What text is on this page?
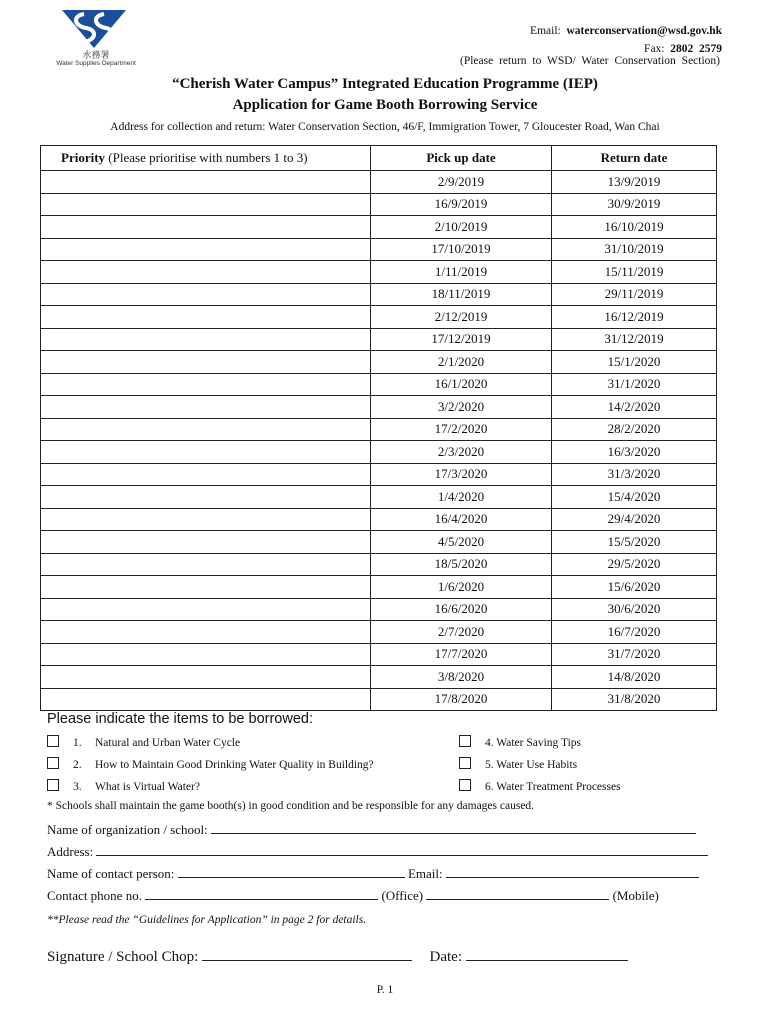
水務署
Water Supplies Department
Email: waterconservation@wsd.gov.hk
Fax: 2802  2579
(Please return to WSD/ Water Conservation Section)
“Cherish Water Campus” Integrated Education Programme (IEP)
Application for Game Booth Borrowing Service
Address for collection and return: Water Conservation Section, 46/F, Immigration Tower, 7 Gloucester Road, Wan Chai
Priority (Please prioritise with numbers 1 to 3)	Pick up date	Return date
	2/9/2019	13/9/2019
	16/9/2019	30/9/2019
	2/10/2019	16/10/2019
	17/10/2019	31/10/2019
	1/11/2019	15/11/2019
	18/11/2019	29/11/2019
	2/12/2019	16/12/2019
	17/12/2019	31/12/2019
	2/1/2020	15/1/2020
	16/1/2020	31/1/2020
	3/2/2020	14/2/2020
	17/2/2020	28/2/2020
	2/3/2020	16/3/2020
	17/3/2020	31/3/2020
	1/4/2020	15/4/2020
	16/4/2020	29/4/2020
	4/5/2020	15/5/2020
	18/5/2020	29/5/2020
	1/6/2020	15/6/2020
	16/6/2020	30/6/2020
	2/7/2020	16/7/2020
	17/7/2020	31/7/2020
	3/8/2020	14/8/2020
	17/8/2020	31/8/2020
Please indicate the items to be borrowed:
1. Natural and Urban Water Cycle
2. How to Maintain Good Drinking Water Quality in Building?
3. What is Virtual Water?
4. Water Saving Tips
5. Water Use Habits
6. Water Treatment Processes
* Schools shall maintain the game booth(s) in good condition and be responsible for any damages caused.
Name of organization / school:
Address:
Name of contact person:	Email:
Contact phone no.	(Office)	(Mobile)
**Please read the “Guidelines for Application” in page 2 for details.
Signature / School Chop:	Date:
P. 1
